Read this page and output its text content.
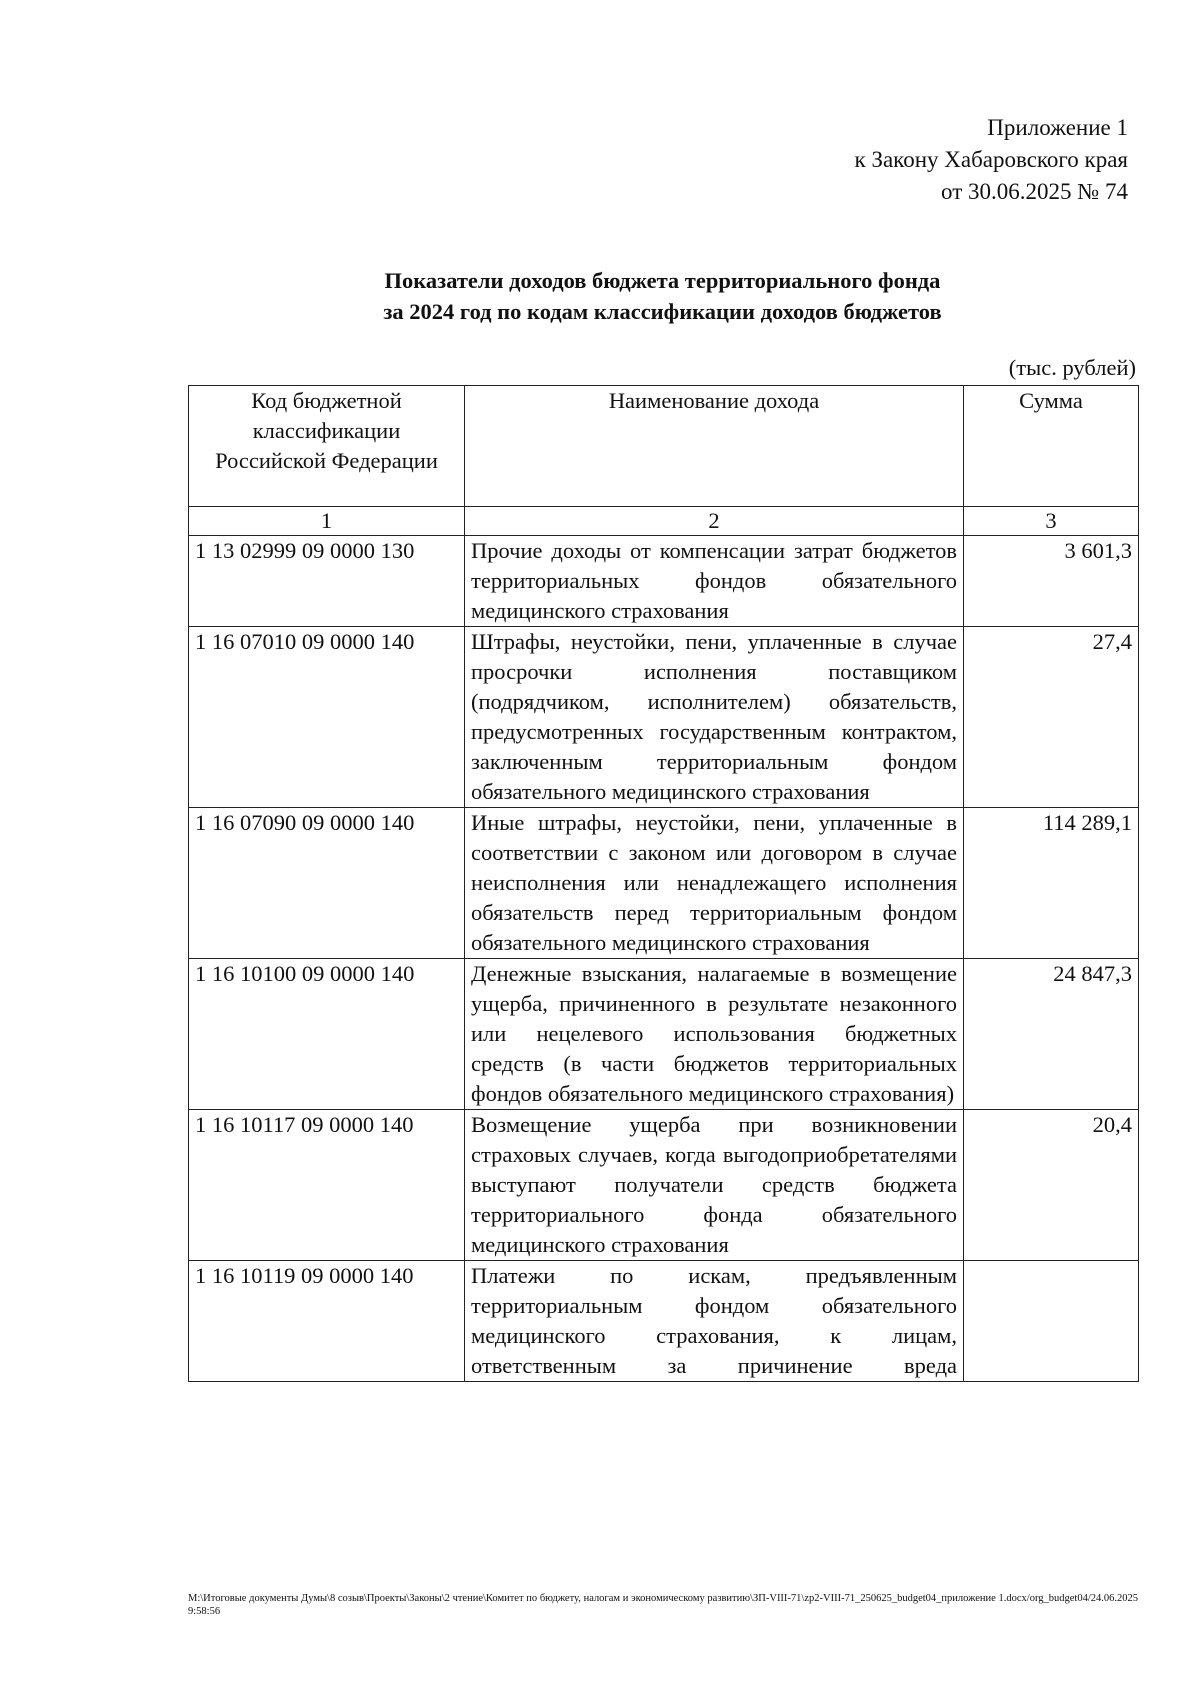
Приложение 1
к Закону Хабаровского края
от 30.06.2025 № 74
Показатели доходов бюджета территориального фонда
за 2024 год по кодам классификации доходов бюджетов
(тыс. рублей)
Код бюджетной классификации Российской Федерации	Наименование дохода	Сумма
1	2	3
1 13 02999 09 0000 130	Прочие доходы от компенсации затрат бюджетов территориальных фондов обязательного медицинского страхования	3 601,3
1 16 07010 09 0000 140	Штрафы, неустойки, пени, уплаченные в случае просрочки исполнения поставщиком (подрядчиком, исполнителем) обязательств, предусмотренных государственным контрактом, заключенным территориальным фондом обязательного медицинского страхования	27,4
1 16 07090 09 0000 140	Иные штрафы, неустойки, пени, уплаченные в соответствии с законом или договором в случае неисполнения или ненадлежащего исполнения обязательств перед территориальным фондом обязательного медицинского страхования	114 289,1
1 16 10100 09 0000 140	Денежные взыскания, налагаемые в возмещение ущерба, причиненного в результате незаконного или нецелевого использования бюджетных средств (в части бюджетов территориальных фондов обязательного медицинского страхования)	24 847,3
1 16 10117 09 0000 140	Возмещение ущерба при возникновении страховых случаев, когда выгодоприобретателями выступают получатели средств бюджета территориального фонда обязательного медицинского страхования	20,4
1 16 10119 09 0000 140	Платежи по искам, предъявленным территориальным фондом обязательного медицинского страхования, к лицам, ответственным за причинение вреда	
M:\Итоговые документы Думы\8 созыв\Проекты\Законы\2 чтение\Комитет по бюджету, налогам и экономическому развитию\ЗП-VIII-71\zp2-VIII-71_250625_budget04_приложение 1.docx/org_budget04/24.06.2025 9:58:56
